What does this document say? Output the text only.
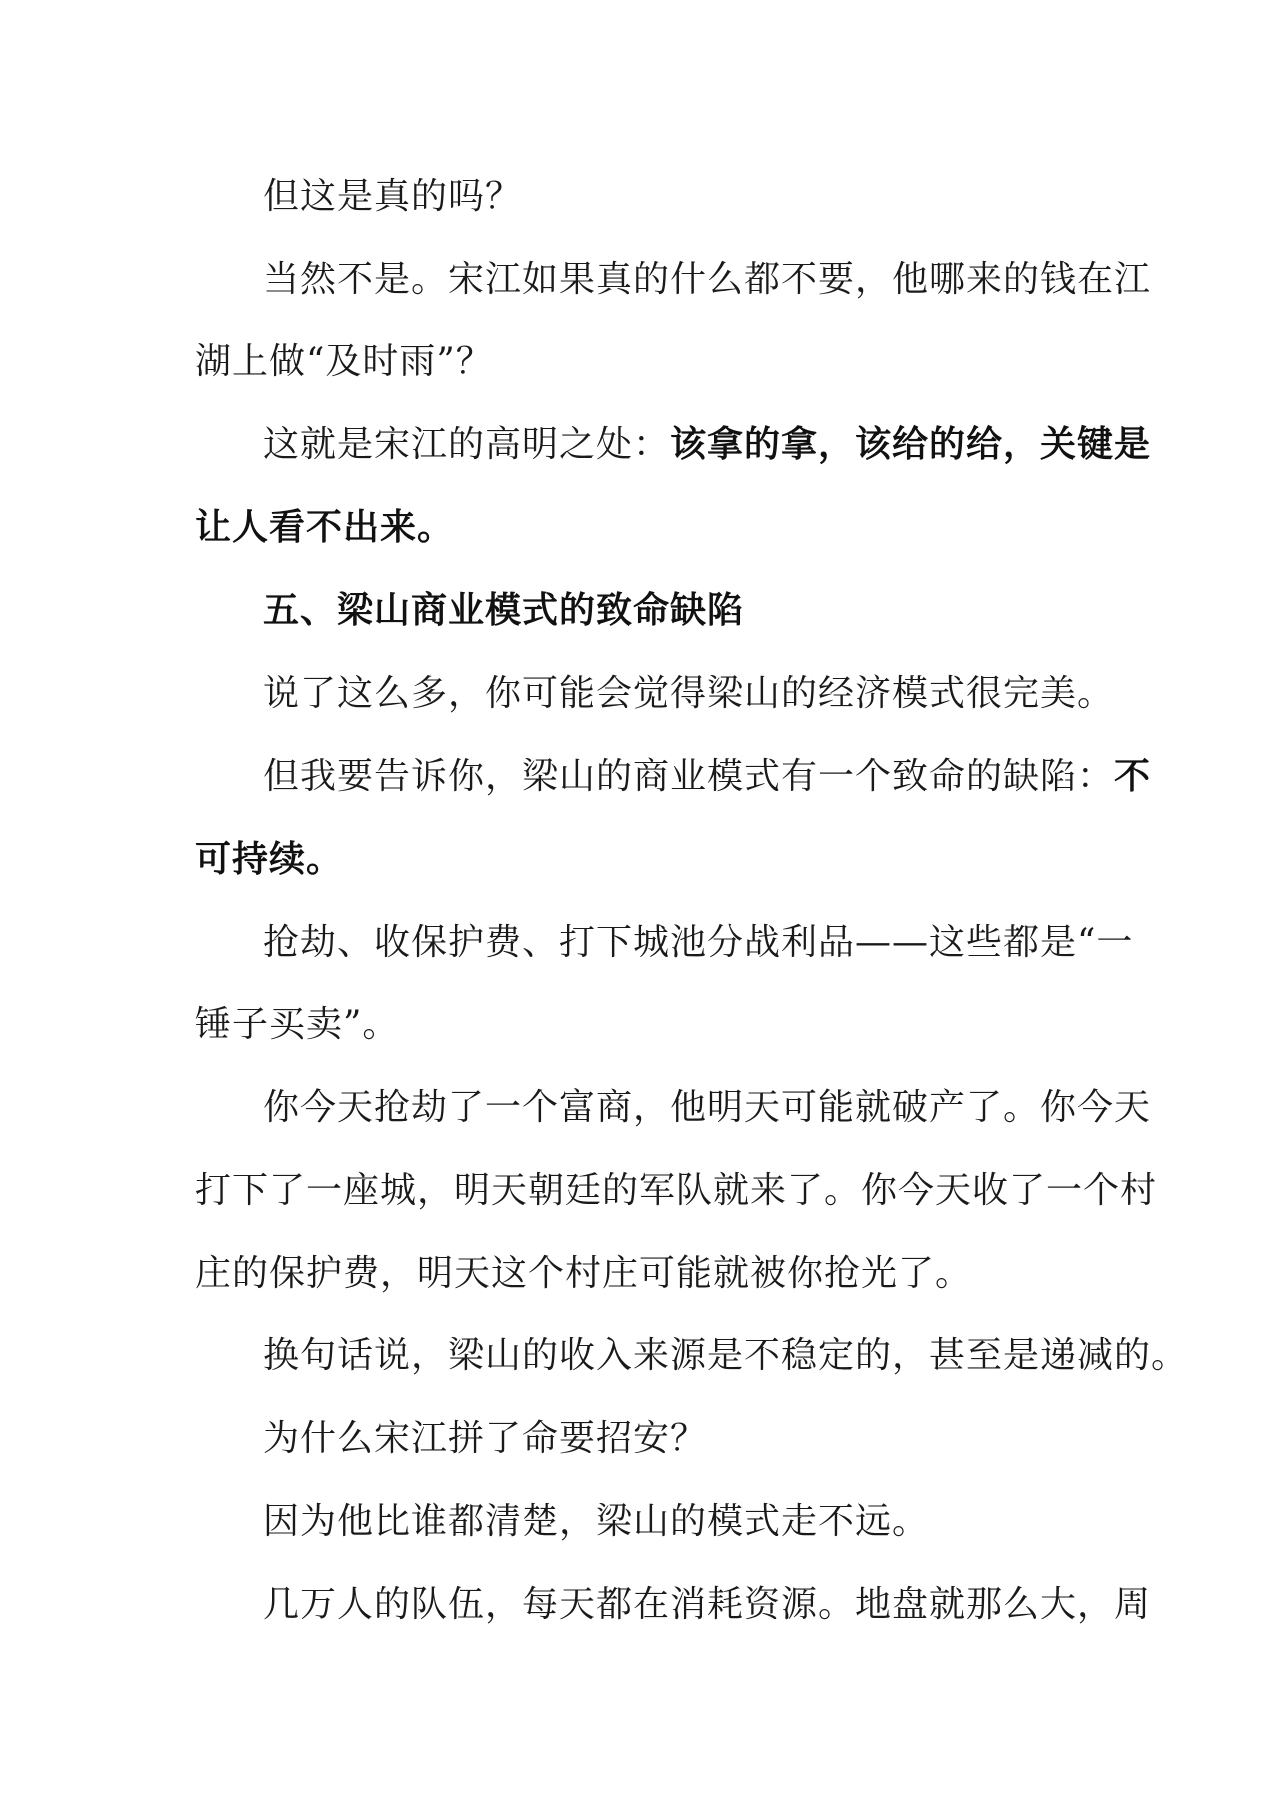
但这是真的吗？
当然不是。宋江如果真的什么都不要，他哪来的钱在江
湖上做“及时雨”？
这就是宋江的高明之处：该拿的拿，该给的给，关键是
让人看不出来。
五、梁山商业模式的致命缺陷
说了这么多，你可能会觉得梁山的经济模式很完美。
但我要告诉你，梁山的商业模式有一个致命的缺陷：不
可持续。
抢劫、收保护费、打下城池分战利品——这些都是“一
锤子买卖”。
你今天抢劫了一个富商，他明天可能就破产了。你今天
打下了一座城，明天朝廷的军队就来了。你今天收了一个村
庄的保护费，明天这个村庄可能就被你抢光了。
换句话说，梁山的收入来源是不稳定的，甚至是递减的。
为什么宋江拼了命要招安？
因为他比谁都清楚，梁山的模式走不远。
几万人的队伍，每天都在消耗资源。地盘就那么大，周
